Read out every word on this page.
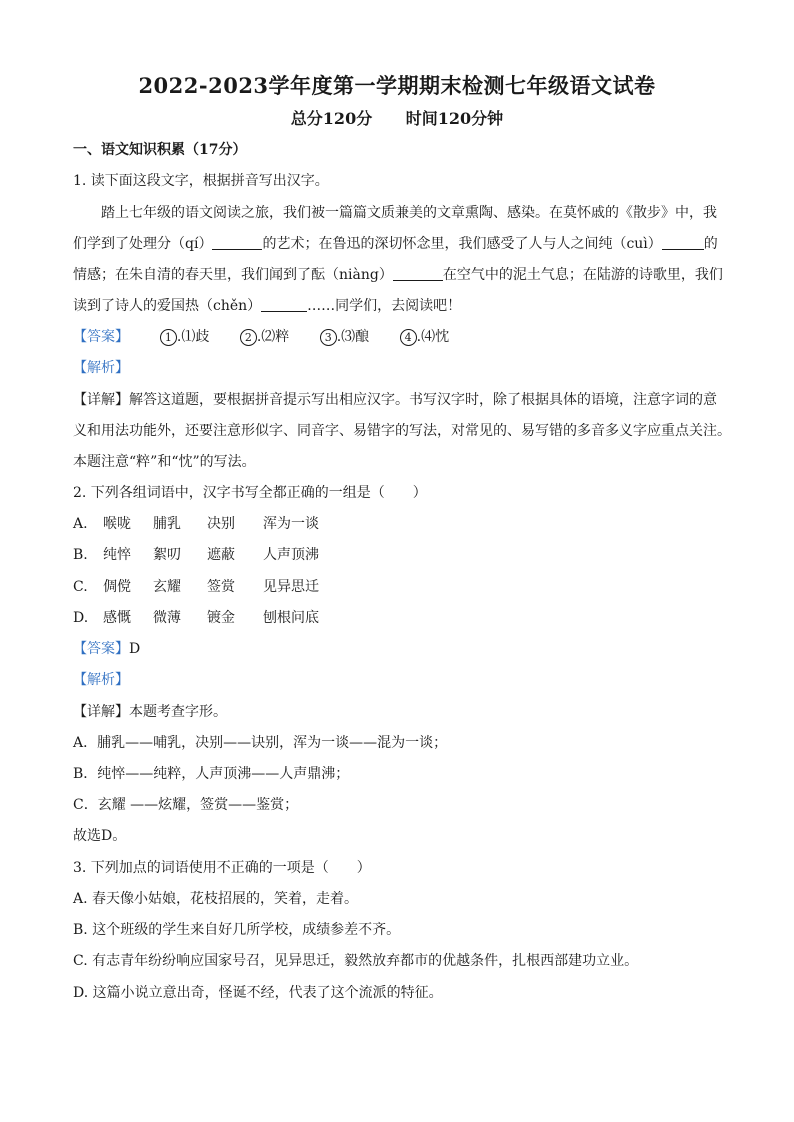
2022-2023学年度第一学期期末检测七年级语文试卷
总分120分 时间120分钟
一、语文知识积累（17分）
1. 读下面这段文字，根据拼音写出汉字。
踏上七年级的语文阅读之旅，我们被一篇篇文质兼美的文章熏陶、感染。在莫怀戚的《散步》中，我
们学到了处理分（qí）	的艺术；在鲁迅的深切怀念里，我们感受了人与人之间纯（cuì）	的
情感；在朱自清的春天里，我们闻到了酝（niàng）	在空气中的泥土气息；在陆游的诗歌里，我们
读到了诗人的爱国热（chěn）	……同学们，去阅读吧！
【答案】	1 .⑴歧	2 .⑵粹	3 .⑶酿	4 .⑷忱
【解析】
【详解】解答这道题，要根据拼音提示写出相应汉字。书写汉字时，除了根据具体的语境，注意字词的意
义和用法功能外，还要注意形似字、同音字、易错字的写法，对常见的、易写错的多音多义字应重点关注。
本题注意“粹”和“忱”的写法。
2. 下列各组词语中，汉字书写全都正确的一组是（　　）
A. 喉咙 脯乳 决别 浑为一谈
B. 纯悴 絮叨 遮蔽 人声顶沸
C. 倜傥 玄耀 签赏 见异思迁
D. 感慨 微薄 镀金 刨根问底
【答案】D
【解析】
【详解】本题考查字形。
A．脯乳——哺乳，决别——诀别，浑为一谈——混为一谈；
B．纯悴——纯粹，人声顶沸——人声鼎沸；
C．玄耀 ——炫耀，签赏——鉴赏；
故选D。
3. 下列加点的词语使用不正确的一项是（　　）
A. 春天像小姑娘，花枝招展的，笑着，走着。
B. 这个班级的学生来自好几所学校，成绩参差不齐。
C. 有志青年纷纷响应国家号召，见异思迁，毅然放弃都市的优越条件，扎根西部建功立业。
D. 这篇小说立意出奇，怪诞不经，代表了这个流派的特征。
